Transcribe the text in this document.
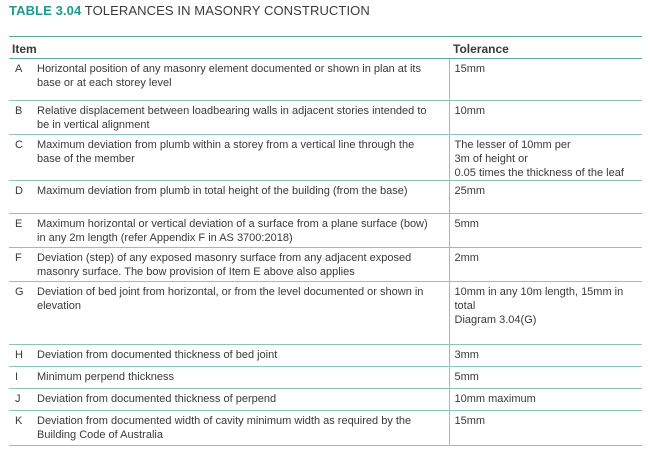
TABLE 3.04 TOLERANCES IN MASONRY CONSTRUCTION
Item		Tolerance
A	Horizontal position of any masonry element documented or shown in plan at its base or at each storey level	15mm

B	Relative displacement between loadbearing walls in adjacent stories intended to be in vertical alignment	10mm

C	Maximum deviation from plumb within a storey from a vertical line through the base of the member	The lesser of 10mm per
3m of height or
0.05 times the thickness of the leaf

D	Maximum deviation from plumb in total height of the building (from the base)	25mm

E	Maximum horizontal or vertical deviation of a surface from a plane surface (bow) in any 2m length (refer Appendix F in AS 3700:2018)	5mm

F	Deviation (step) of any exposed masonry surface from any adjacent exposed masonry surface. The bow provision of Item E above also applies	2mm

G	Deviation of bed joint from horizontal, or from the level documented or shown in elevation	10mm in any 10m length, 15mm in
total
Diagram 3.04(G)

H	Deviation from documented thickness of bed joint	3mm

I	Minimum perpend thickness	5mm

J	Deviation from documented thickness of perpend	10mm maximum

K	Deviation from documented width of cavity minimum width as required by the Building Code of Australia	15mm
